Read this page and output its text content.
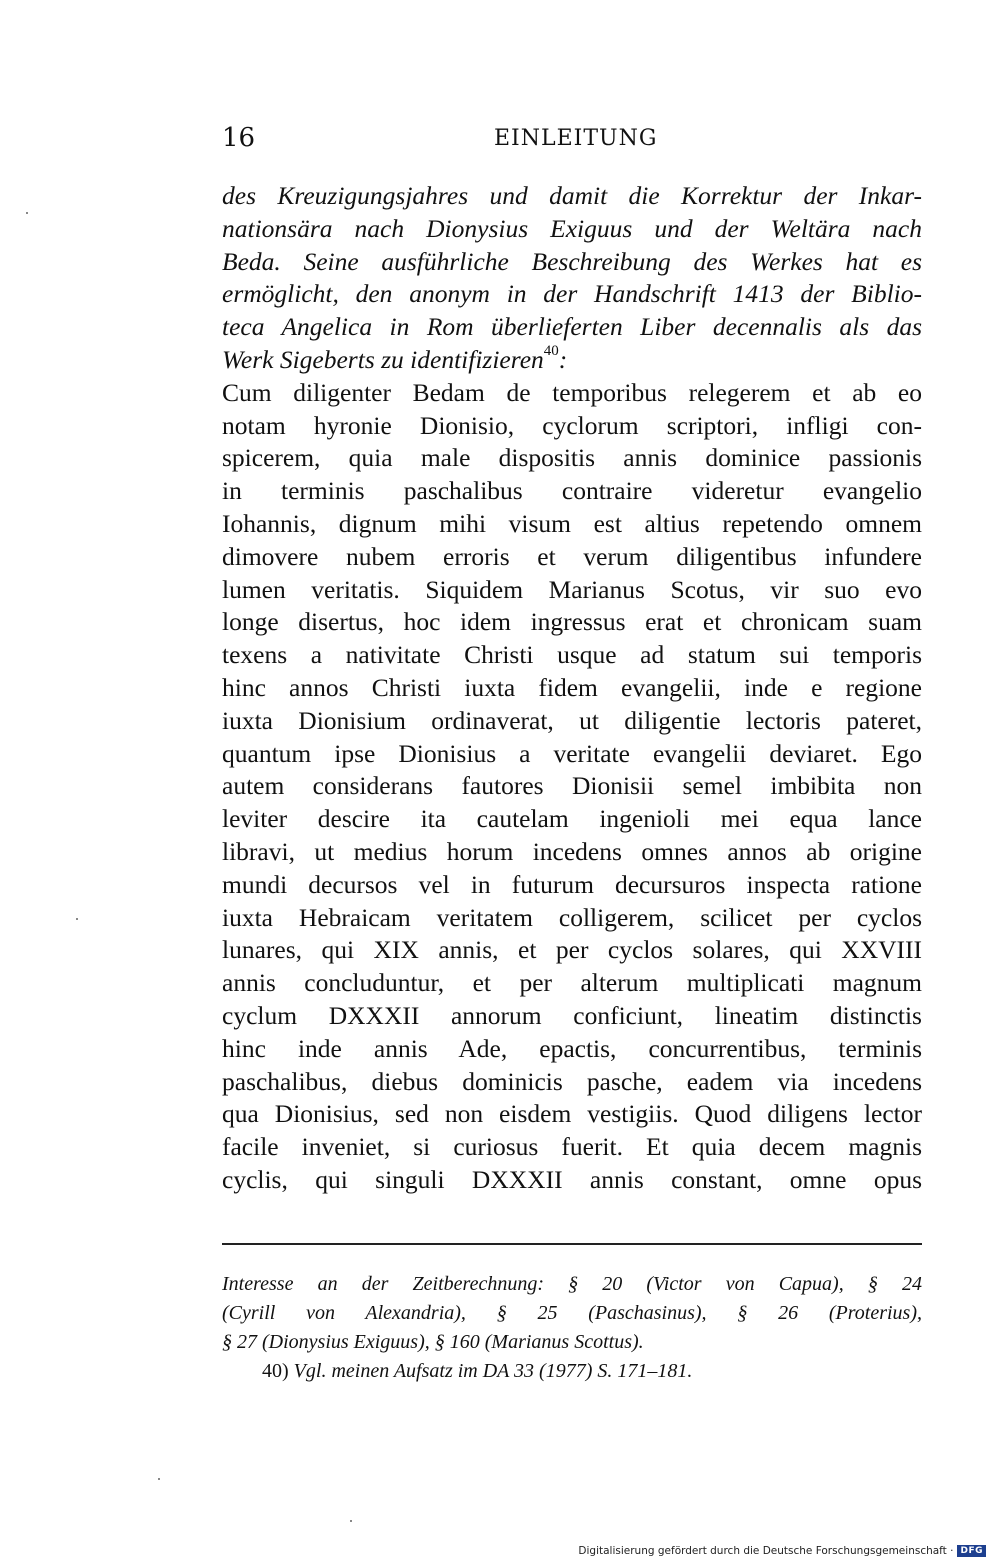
16	EINLEITUNG
des Kreuzigungsjahres und damit die Korrektur der Inkar-
nationsära nach Dionysius Exiguus und der Weltära nach
Beda. Seine ausführliche Beschreibung des Werkes hat es
ermöglicht, den anonym in der Handschrift 1413 der Biblio-
teca Angelica in Rom überlieferten Liber decennalis als das
Werk Sigeberts zu identifizieren$^{40}$:
Cum diligenter Bedam de temporibus relegerem et ab eo
notam hyronie Dionisio, cyclorum scriptori, infligi con-
spicerem, quia male dispositis annis dominice passionis
in terminis paschalibus contraire videretur evangelio
Iohannis, dignum mihi visum est altius repetendo omnem
dimovere nubem erroris et verum diligentibus infundere
lumen veritatis. Siquidem Marianus Scotus, vir suo evo
longe disertus, hoc idem ingressus erat et chronicam suam
texens a nativitate Christi usque ad statum sui temporis
hinc annos Christi iuxta fidem evangelii, inde e regione
iuxta Dionisium ordinaverat, ut diligentie lectoris pateret,
quantum ipse Dionisius a veritate evangelii deviaret. Ego
autem considerans fautores Dionisii semel imbibita non
leviter descire ita cautelam ingenioli mei equa lance
libravi, ut medius horum incedens omnes annos ab origine
mundi decursos vel in futurum decursuros inspecta ratione
iuxta Hebraicam veritatem colligerem, scilicet per cyclos
lunares, qui XIX annis, et per cyclos solares, qui XXVIII
annis concluduntur, et per alterum multiplicati magnum
cyclum DXXXII annorum conficiunt, lineatim distinctis
hinc inde annis Ade, epactis, concurrentibus, terminis
paschalibus, diebus dominicis pasche, eadem via incedens
qua Dionisius, sed non eisdem vestigiis. Quod diligens lector
facile inveniet, si curiosus fuerit. Et quia decem magnis
cyclis, qui singuli DXXXII annis constant, omne opus
Interesse an der Zeitberechnung: § 20 (Victor von Capua), § 24
(Cyrill von Alexandria), § 25 (Paschasinus), § 26 (Proterius),
§ 27 (Dionysius Exiguus), § 160 (Marianus Scottus).
40) Vgl. meinen Aufsatz im DA 33 (1977) S. 171–181.
Digitalisierung gefördert durch die Deutsche Forschungsgemeinschaft · DFG
